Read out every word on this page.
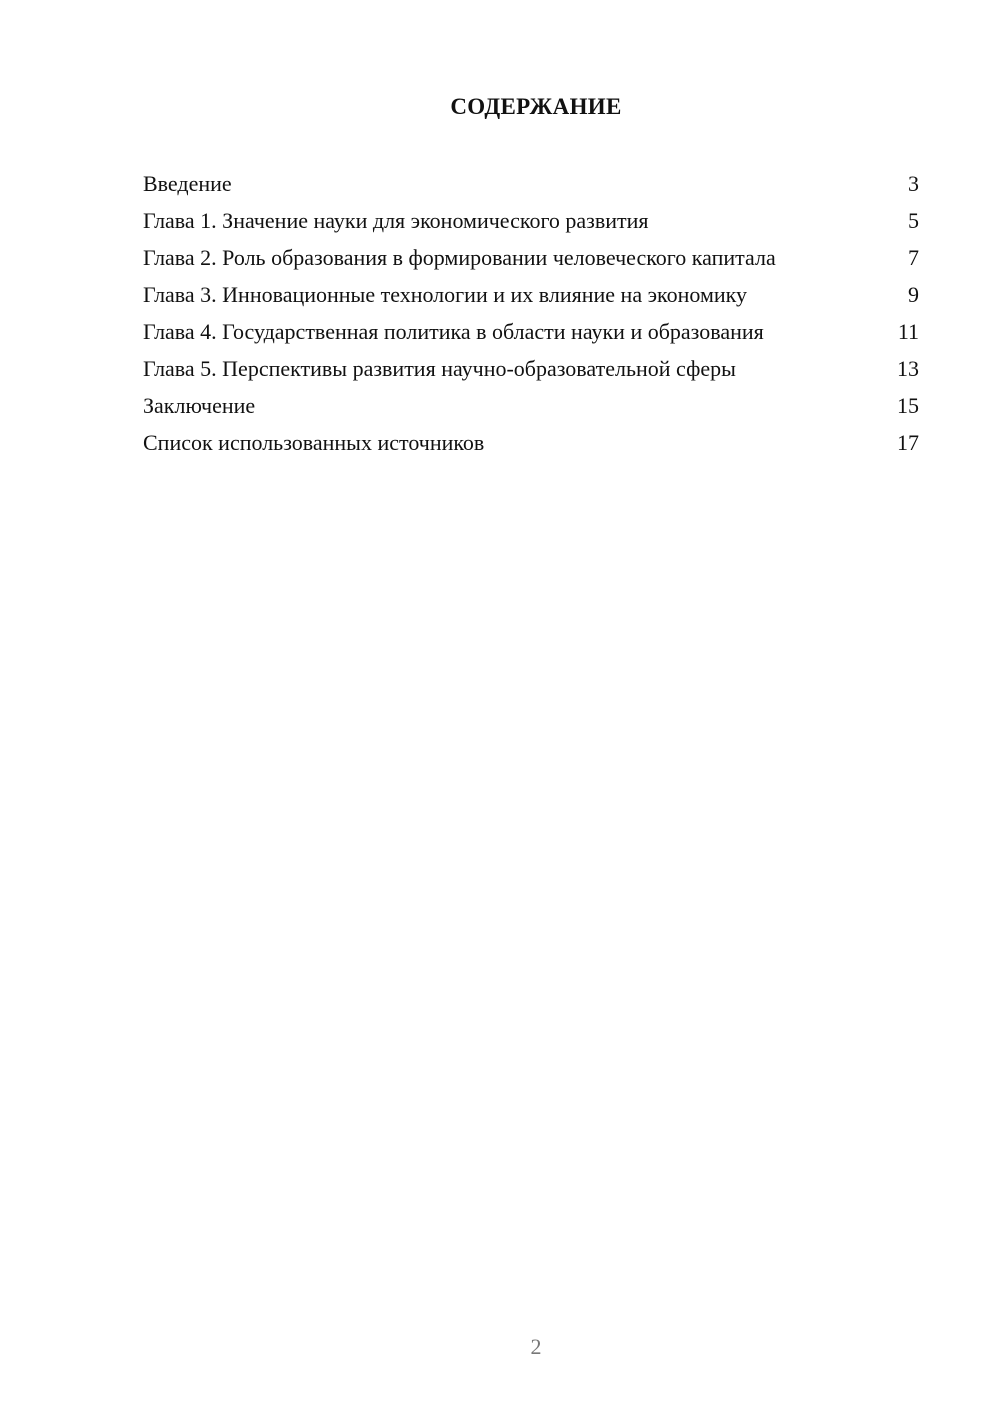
СОДЕРЖАНИЕ
Введение	3
Глава 1. Значение науки для экономического развития	5
Глава 2. Роль образования в формировании человеческого капитала	7
Глава 3. Инновационные технологии и их влияние на экономику	9
Глава 4. Государственная политика в области науки и образования	11
Глава 5. Перспективы развития научно-образовательной сферы	13
Заключение	15
Список использованных источников	17
2
